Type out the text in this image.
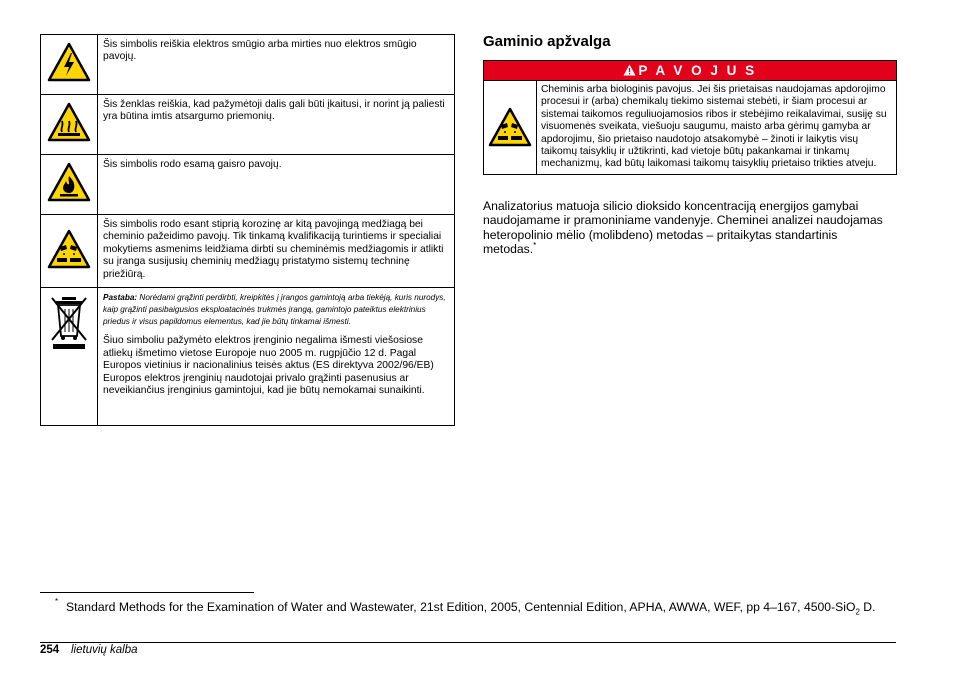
	Šis simbolis reiškia elektros smūgio arba mirties nuo elektros smūgio pavojų.
	Šis ženklas reiškia, kad pažymėtoji dalis gali būti įkaitusi, ir norint ją paliesti yra būtina imtis atsargumo priemonių.
	Šis simbolis rodo esamą gaisro pavojų.
	Šis simbolis rodo esant stiprią korozinę ar kitą pavojingą medžiagą bei cheminio pažeidimo pavojų. Tik tinkamą kvalifikaciją turintiems ir specialiai mokytiems asmenims leidžiama dirbti su cheminėmis medžiagomis ir atlikti su įranga susijusių cheminių medžiagų pristatymo sistemų techninę priežiūrą.

Pastaba: Norėdami grąžinti perdirbti, kreipkitės į įrangos gamintoją arba tiekėją, kuris nurodys, kaip grąžinti pasibaigusios eksploatacinės trukmės įrangą, gamintojo pateiktus elektrinius priedus ir visus papildomus elementus, kad jie būtų tinkamai išmesti.
Šiuo simboliu pažymėto elektros įrenginio negalima išmesti viešosiose atliekų išmetimo vietose Europoje nuo 2005 m. rugpjūčio 12 d. Pagal Europos vietinius ir nacionalinius teisės aktus (ES direktyva 2002/96/EB) Europos elektros įrenginių naudotojai privalo grąžinti pasenusius ar neveikiančius įrenginius gamintojui, kad jie būtų nemokamai sunaikinti.
Gaminio apžvalga
P A V O J U S
Cheminis arba biologinis pavojus. Jei šis prietaisas naudojamas apdorojimo procesui ir (arba) chemikalų tiekimo sistemai stebėti, ir šiam procesui ar sistemai taikomos reguliuojamosios ribos ir stebėjimo reikalavimai, susiję su visuomenės sveikata, viešuoju saugumu, maisto arba gėrimų gamyba ar apdorojimu, šio prietaiso naudotojo atsakomybė – žinoti ir laikytis visų taikomų taisyklių ir užtikrinti, kad vietoje būtų pakankamai ir tinkamų mechanizmų, kad būtų laikomasi taikomų taisyklių prietaiso trikties atveju.
Analizatorius matuoja silicio dioksido koncentraciją energijos gamybai naudojamame ir pramoniniame vandenyje. Cheminei analizei naudojamas heteropolinio mėlio (molibdeno) metodas – pritaikytas standartinis metodas.*
* Standard Methods for the Examination of Water and Wastewater, 21st Edition, 2005, Centennial Edition, APHA, AWWA, WEF, pp 4–167, 4500-SiO$_2$ D.
254 lietuvių kalba
